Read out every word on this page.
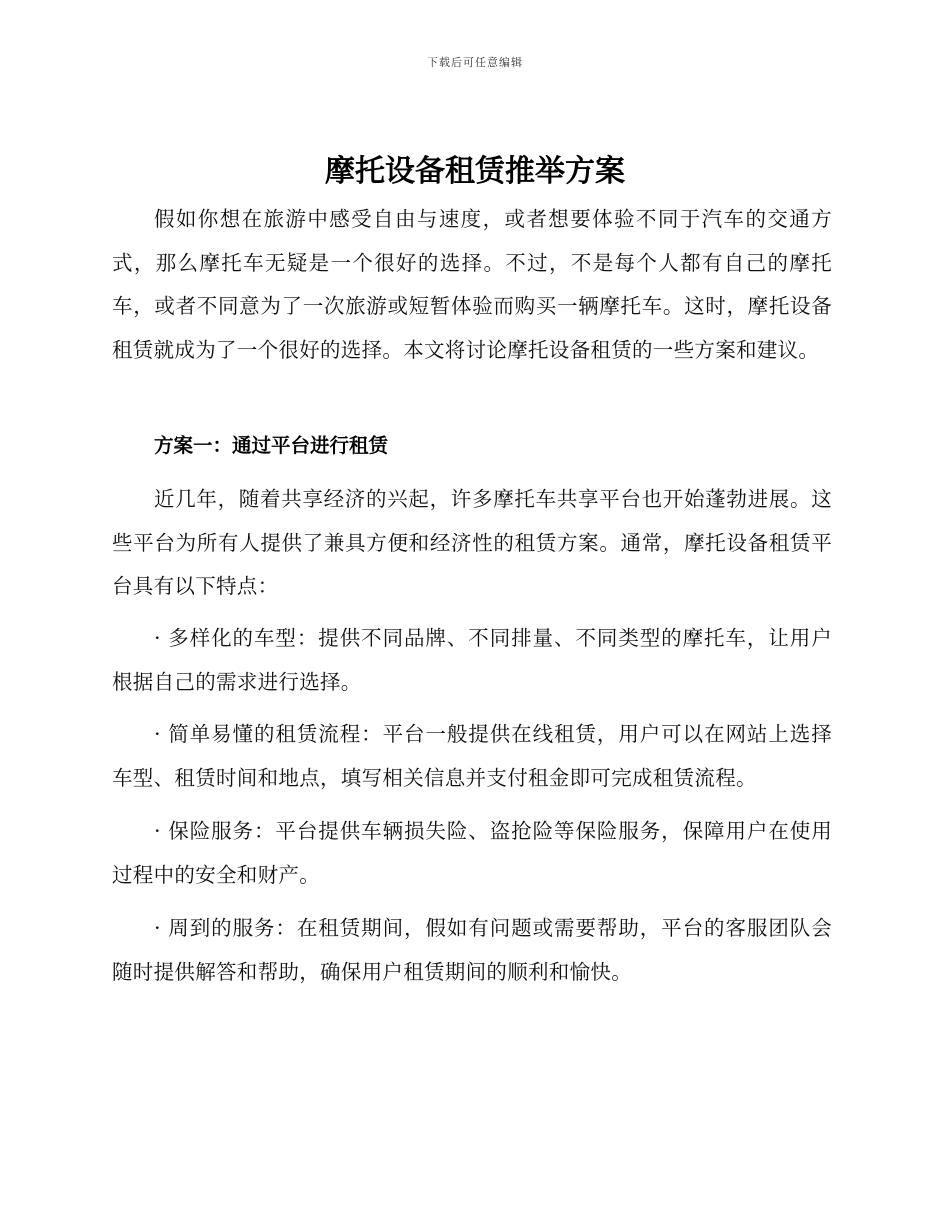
下载后可任意编辑
摩托设备租赁推举方案
假如你想在旅游中感受自由与速度，或者想要体验不同于汽车的交通方式，那么摩托车无疑是一个很好的选择。不过，不是每个人都有自己的摩托车，或者不同意为了一次旅游或短暂体验而购买一辆摩托车。这时，摩托设备租赁就成为了一个很好的选择。本文将讨论摩托设备租赁的一些方案和建议。
方案一：通过平台进行租赁
近几年，随着共享经济的兴起，许多摩托车共享平台也开始蓬勃进展。这些平台为所有人提供了兼具方便和经济性的租赁方案。通常，摩托设备租赁平台具有以下特点：
· 多样化的车型：提供不同品牌、不同排量、不同类型的摩托车，让用户根据自己的需求进行选择。
· 简单易懂的租赁流程：平台一般提供在线租赁，用户可以在网站上选择车型、租赁时间和地点，填写相关信息并支付租金即可完成租赁流程。
· 保险服务：平台提供车辆损失险、盗抢险等保险服务，保障用户在使用过程中的安全和财产。
· 周到的服务：在租赁期间，假如有问题或需要帮助，平台的客服团队会随时提供解答和帮助，确保用户租赁期间的顺利和愉快。
